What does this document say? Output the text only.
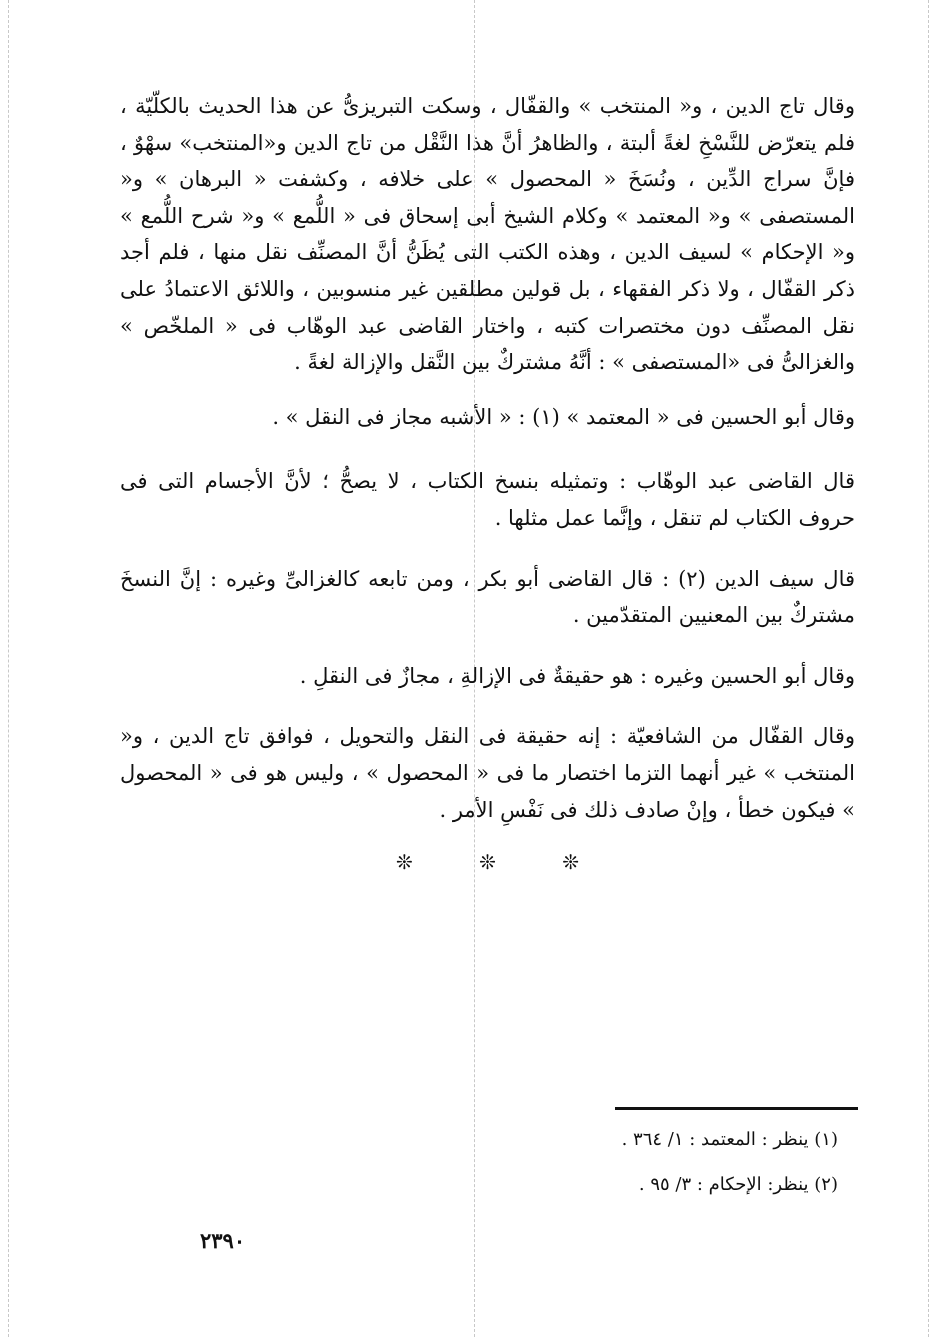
وقال تاج الدين ، و« المنتخب » والقفّال ، وسكت التبريزىُّ عن هذا الحديث بالكلّيّة ، فلم يتعرّض للنَّسْخِ لغةً ألبتة ، والظاهرُ أنَّ هذا النَّقْل من تاج الدين و«المنتخب» سهْوٌ ، فإنَّ سراج الدِّين ، ونُسَخَ « المحصول » على خلافه ، وكشفت « البرهان » و« المستصفى » و« المعتمد » وكلام الشيخ أبى إسحاق فى « اللُّمع » و« شرح اللُّمع » و« الإحكام » لسيف الدين ، وهذه الكتب التى يُظَنُّ أنَّ المصنِّف نقل منها ، فلم أجد ذكر القفّال ، ولا ذكر الفقهاء ، بل قولين مطلقين غير منسوبين ، واللائق الاعتمادُ على نقل المصنِّف دون مختصرات كتبه ، واختار القاضى عبد الوهّاب فى « الملخّص » والغزالىُّ فى «المستصفى » : أنَّهُ مشتركٌ بين النَّقل والإزالة لغةً .

وقال أبو الحسين فى « المعتمد » (١) : « الأشبه مجاز فى النقل » .

قال القاضى عبد الوهّاب : وتمثيله بنسخ الكتاب ، لا يصحُّ ؛ لأنَّ الأجسام التى فى حروف الكتاب لم تنقل ، وإنَّما عمل مثلها .

قال سيف الدين (٢) : قال القاضى أبو بكر ، ومن تابعه كالغزالىِّ وغيره : إنَّ النسخَ مشتركٌ بين المعنيين المتقدّمين .

وقال أبو الحسين وغيره : هو حقيقةٌ فى الإزالةِ ، مجازٌ فى النقلِ .

وقال القفّال من الشافعيّة : إنه حقيقة فى النقل والتحويل ، فوافق تاج الدين ، و« المنتخب » غير أنهما التزما اختصار ما فى « المحصول » ، وليس هو فى « المحصول » فيكون خطأ ، وإنْ صادف ذلك فى نَفْسِ الأمر .

❊ ❊ ❊
(١) ينظر : المعتمد : ١/ ٣٦٤ .
(٢) ينظر: الإحكام : ٣/ ٩٥ .
٢٣٩٠
